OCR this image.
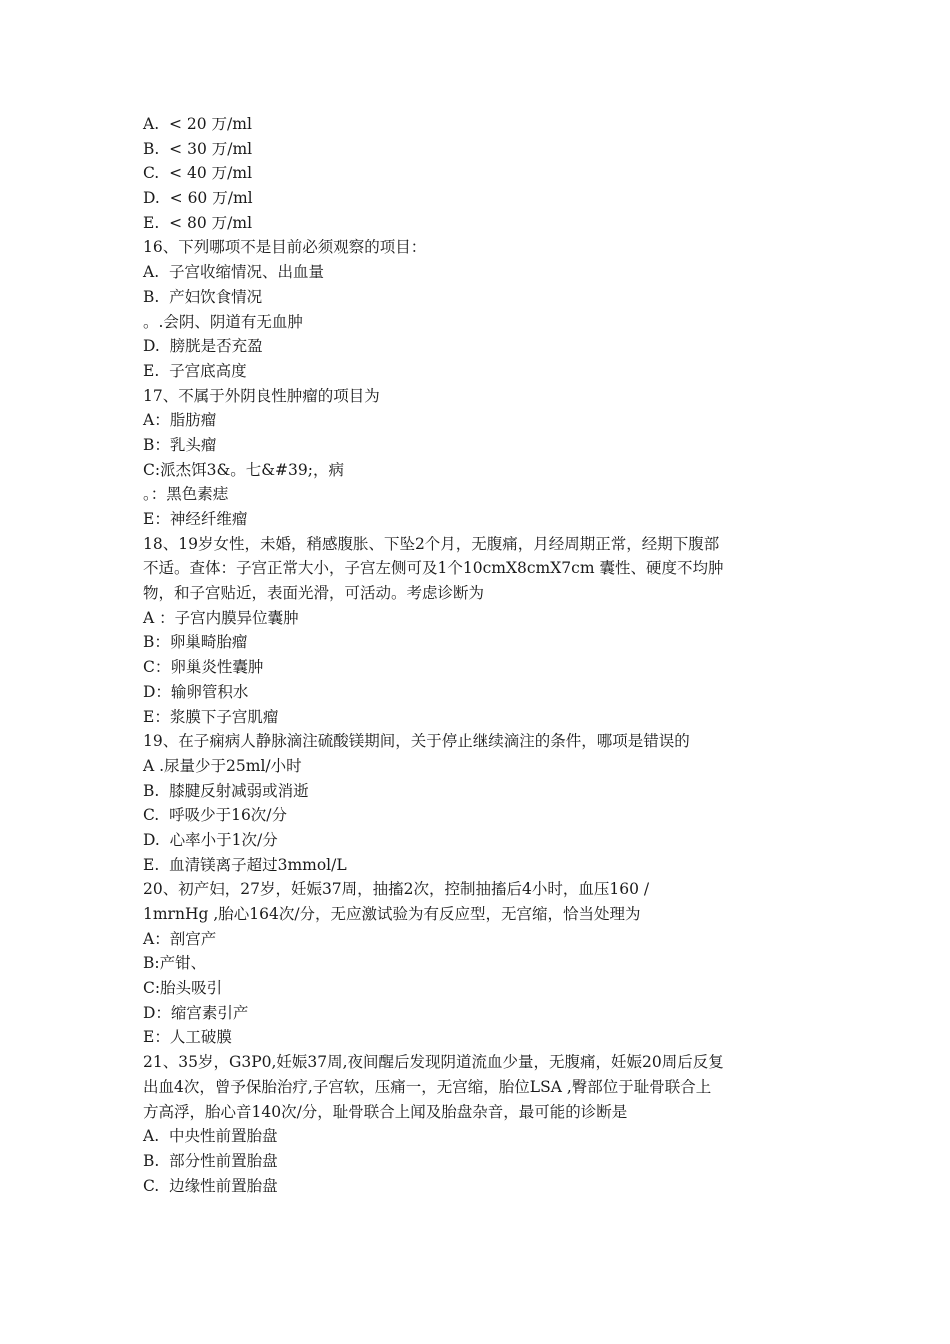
A.  < 20 万/ml
B.  < 30 万/ml
C.  < 40 万/ml
D.  < 60 万/ml
E.  < 80 万/ml
16、下列哪项不是目前必须观察的项目：
A.  子宫收缩情况、出血量
B.  产妇饮食情况
。.会阴、阴道有无血肿
D.  膀胱是否充盈
E.  子宫底高度
17、不属于外阴良性肿瘤的项目为
A：脂肪瘤
B：乳头瘤
C:派杰饵3&。七&#39;，病
。：黑色素痣
E：神经纤维瘤
18、19岁女性，未婚，稍感腹胀、下坠2个月，无腹痛，月经周期正常，经期下腹部
不适。查体：子宫正常大小，子宫左侧可及1个10cmX8cmX7cm 囊性、硬度不均肿
物，和子宫贴近，表面光滑，可活动。考虑诊断为
A ：子宫内膜异位囊肿
B：卵巢畸胎瘤
C：卵巢炎性囊肿
D：输卵管积水
E：浆膜下子宫肌瘤
19、在子痫病人静脉滴注硫酸镁期间，关于停止继续滴注的条件，哪项是错误的
A .尿量少于25ml/小时
B.  膝腱反射减弱或消逝
C.  呼吸少于16次/分
D.  心率小于1次/分
E.  血清镁离子超过3mmol/L
20、初产妇，27岁，妊娠37周，抽搐2次，控制抽搐后4小时，血压160 /
1mrnHg ,胎心164次/分，无应激试验为有反应型，无宫缩，恰当处理为
A：剖宫产
B:产钳、
C:胎头吸引
D：缩宫素引产
E：人工破膜
21、35岁，G3P0,妊娠37周,夜间醒后发现阴道流血少量，无腹痛，妊娠20周后反复
出血4次，曾予保胎治疗,子宫软，压痛一，无宫缩，胎位LSA ,臀部位于耻骨联合上
方高浮，胎心音140次/分，耻骨联合上闻及胎盘杂音，最可能的诊断是
A.  中央性前置胎盘
B.  部分性前置胎盘
C.  边缘性前置胎盘
